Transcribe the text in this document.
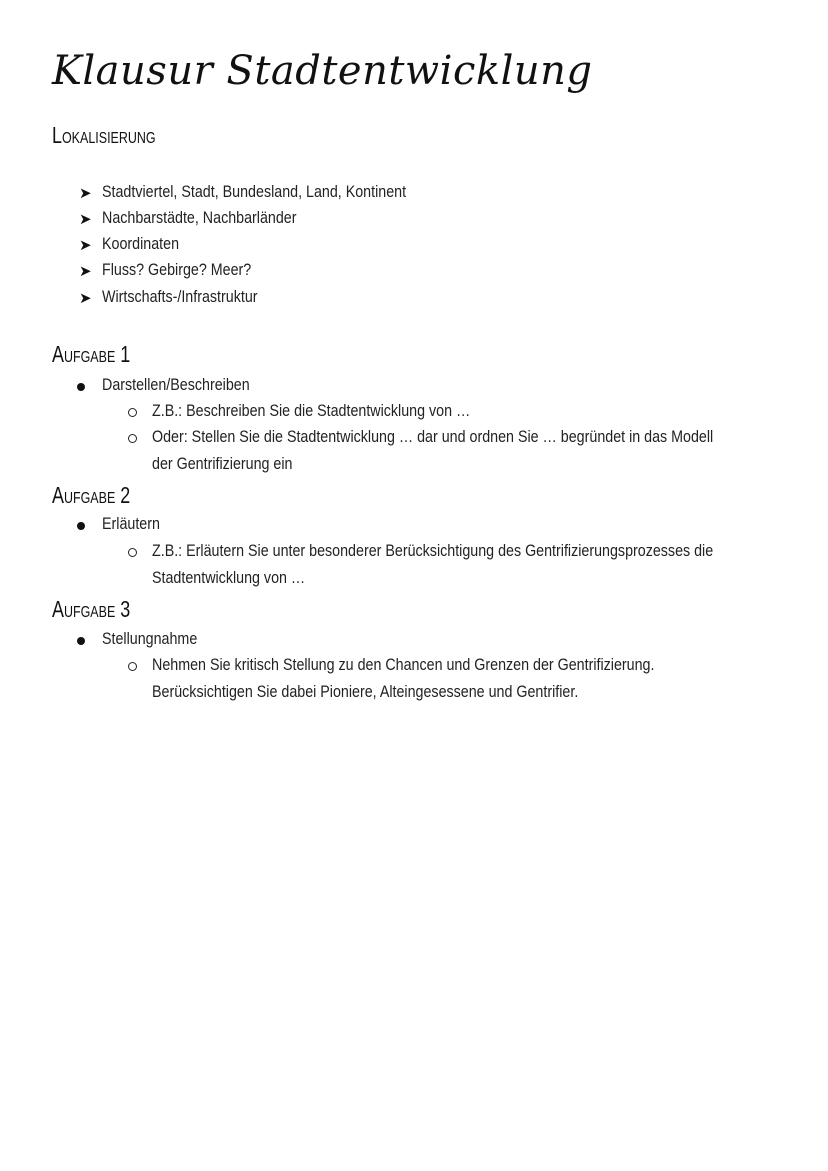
Klausur Stadtentwicklung
Lokalisierung
➤ Stadtviertel, Stadt, Bundesland, Land, Kontinent
➤ Nachbarstädte, Nachbarländer
➤ Koordinaten
➤ Fluss? Gebirge? Meer?
➤ Wirtschafts-/Infrastruktur
Aufgabe 1
Darstellen/Beschreiben
Z.B.: Beschreiben Sie die Stadtentwicklung von …
Oder: Stellen Sie die Stadtentwicklung … dar und ordnen Sie … begründet in das Modell
der Gentrifizierung ein
Aufgabe 2
Erläutern
Z.B.: Erläutern Sie unter besonderer Berücksichtigung des Gentrifizierungsprozesses die
Stadtentwicklung von …
Aufgabe 3
Stellungnahme
Nehmen Sie kritisch Stellung zu den Chancen und Grenzen der Gentrifizierung.
Berücksichtigen Sie dabei Pioniere, Alteingesessene und Gentrifier.
